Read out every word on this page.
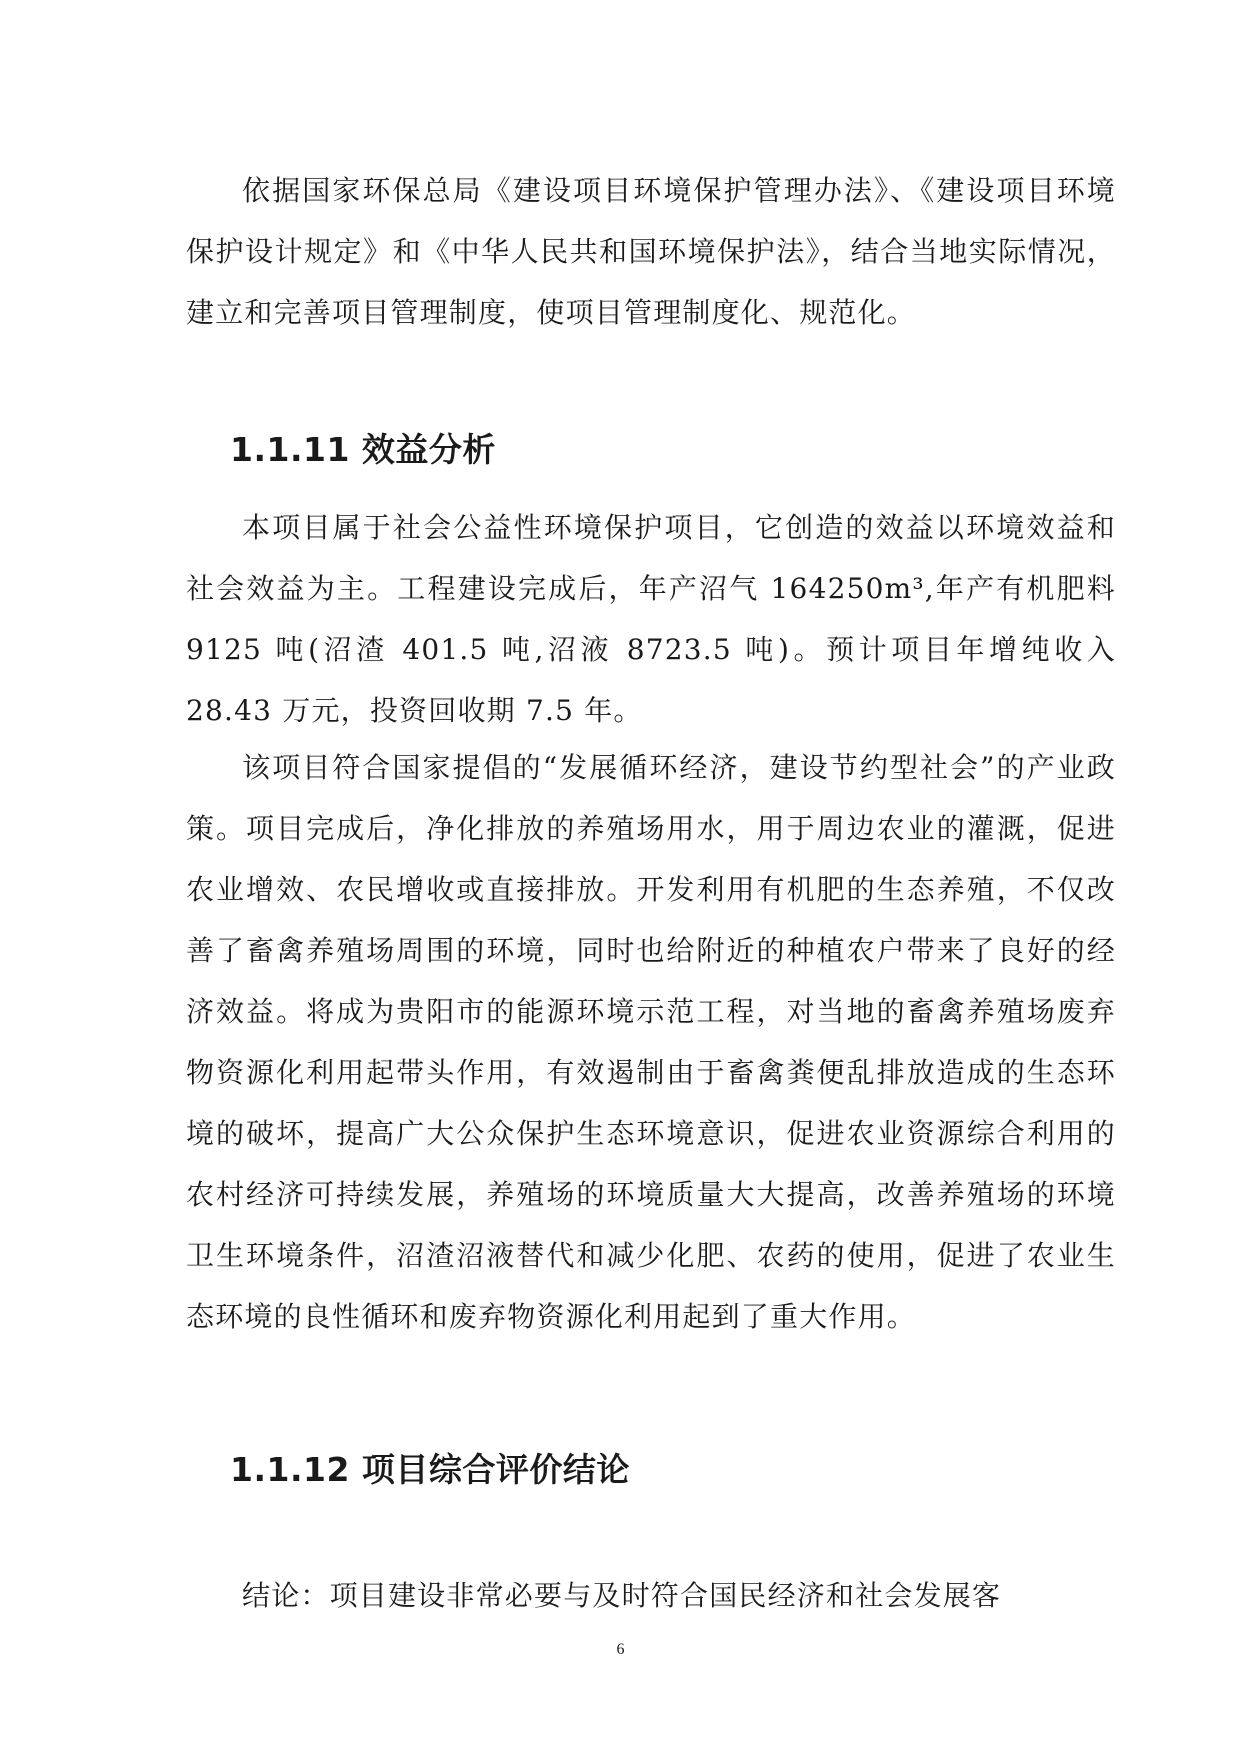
依据国家环保总局《建设项目环境保护管理办法》、《建设项目环境保护设计规定》和《中华人民共和国环境保护法》，结合当地实际情况，建立和完善项目管理制度，使项目管理制度化、规范化。

1.1.11 效益分析

本项目属于社会公益性环境保护项目，它创造的效益以环境效益和社会效益为主。工程建设完成后，年产沼气 164250m³,年产有机肥料 9125 吨(沼渣 401.5 吨,沼液 8723.5 吨)。预计项目年增纯收入 28.43 万元，投资回收期 7.5 年。

该项目符合国家提倡的“发展循环经济，建设节约型社会”的产业政策。项目完成后，净化排放的养殖场用水，用于周边农业的灌溉，促进农业增效、农民增收或直接排放。开发利用有机肥的生态养殖，不仅改善了畜禽养殖场周围的环境，同时也给附近的种植农户带来了良好的经济效益。将成为贵阳市的能源环境示范工程，对当地的畜禽养殖场废弃物资源化利用起带头作用，有效遏制由于畜禽粪便乱排放造成的生态环境的破坏，提高广大公众保护生态环境意识，促进农业资源综合利用的农村经济可持续发展，养殖场的环境质量大大提高，改善养殖场的环境卫生环境条件，沼渣沼液替代和减少化肥、农药的使用，促进了农业生态环境的良性循环和废弃物资源化利用起到了重大作用。

1.1.12 项目综合评价结论

结论：项目建设非常必要与及时符合国民经济和社会发展客

6
